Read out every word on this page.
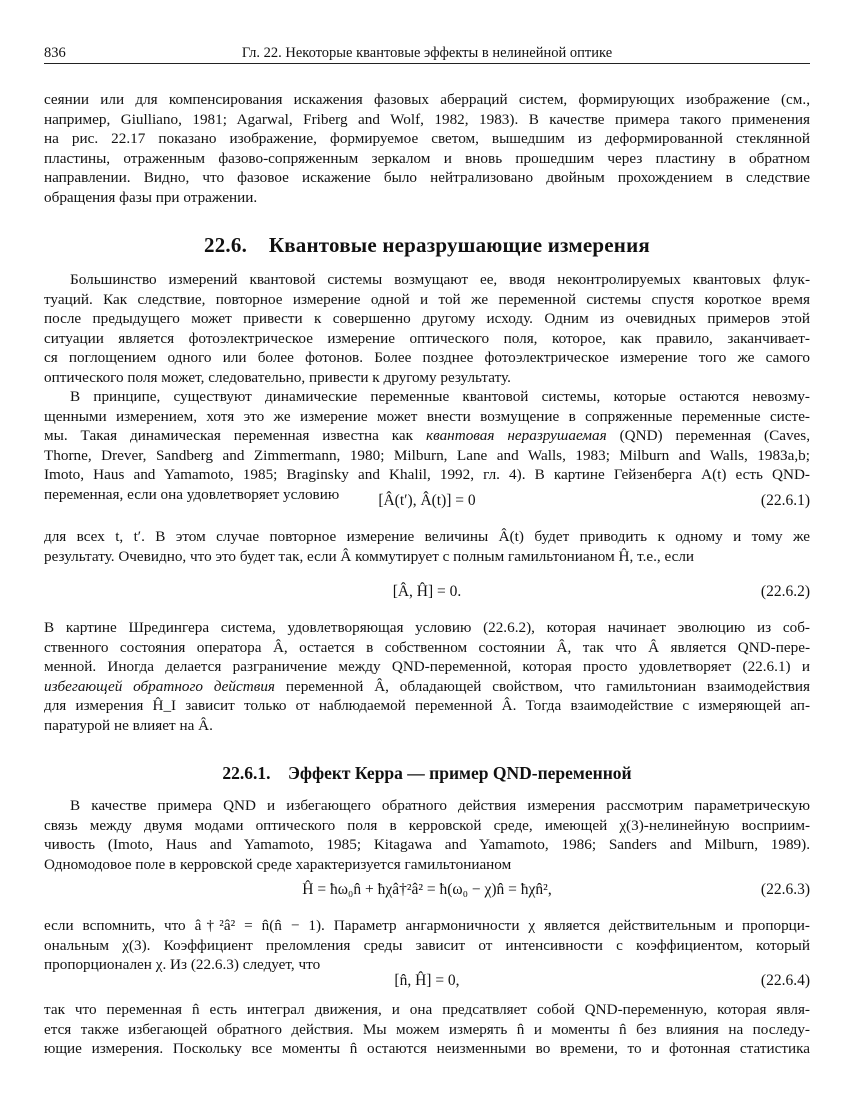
836	Гл. 22. Некоторые квантовые эффекты в нелинейной оптике
сеянии или для компенсирования искажения фазовых аберраций систем, формирующих изображение (см.,
например, Giulliano, 1981; Agarwal, Friberg and Wolf, 1982, 1983). В качестве примера такого применения
на рис. 22.17 показано изображение, формируемое светом, вышедшим из деформированной стеклянной
пластины, отраженным фазово-сопряженным зеркалом и вновь прошедшим через пластину в обратном
направлении. Видно, что фазовое искажение было нейтрализовано двойным прохождением в следствие
обращения фазы при отражении.
22.6. Квантовые неразрушающие измерения
Большинство измерений квантовой системы возмущают ее, вводя неконтролируемых квантовых флук-
туаций. Как следствие, повторное измерение одной и той же переменной системы спустя короткое время
после предыдущего может привести к совершенно другому исходу. Одним из очевидных примеров этой
ситуации является фотоэлектрическое измерение оптического поля, которое, как правило, заканчивает-
ся поглощением одного или более фотонов. Более позднее фотоэлектрическое измерение того же самого
оптического поля может, следовательно, привести к другому результату.
В принципе, существуют динамические переменные квантовой системы, которые остаются невозму-
щенными измерением, хотя это же измерение может внести возмущение в сопряженные переменные систе-
мы. Такая динамическая переменная известна как квантовая неразрушаемая (QND) переменная (Caves,
Thorne, Drever, Sandberg and Zimmermann, 1980; Milburn, Lane and Walls, 1983; Milburn and Walls, 1983a,b;
Imoto, Haus and Yamamoto, 1985; Braginsky and Khalil, 1992, гл. 4). В картине Гейзенберга A(t) есть QND-
переменная, если она удовлетворяет условию	[Â(t′), Â(t)] = 0	(22.6.1)
для всех t, t′. В этом случае повторное измерение величины Â(t) будет приводить к одному и тому же
результату. Очевидно, что это будет так, если Â коммутирует с полным гамильтонианом Ĥ, т.е., если
[Â, Ĥ] = 0.	(22.6.2)
В картине Шредингера система, удовлетворяющая условию (22.6.2), которая начинает эволюцию из соб-
ственного состояния оператора Â, остается в собственном состоянии Â, так что Â является QND-пере-
менной. Иногда делается разграничение между QND-переменной, которая просто удовлетворяет (22.6.1) и
избегающей обратного действия переменной Â, обладающей свойством, что гамильтониан взаимодействия
для измерения Ĥ_I зависит только от наблюдаемой переменной Â. Тогда взаимодействие с измеряющей ап-
паратурой не влияет на Â.
22.6.1. Эффект Керра — пример QND-переменной
В качестве примера QND и избегающего обратного действия измерения рассмотрим параметрическую
связь между двумя модами оптического поля в керровской среде, имеющей χ(3)-нелинейную восприим-
чивость (Imoto, Haus and Yamamoto, 1985; Kitagawa and Yamamoto, 1986; Sanders and Milburn, 1989).
Одномодовое поле в керровской среде характеризуется гамильтонианом
Ĥ = ħω₀n̂ + ħχâ†²â² = ħ(ω₀ − χ)n̂ = ħχn̂²,	(22.6.3)
если вспомнить, что â†²â² = n̂(n̂ − 1). Параметр ангармоничности χ является действительным и пропорци-
ональным χ(3). Коэффициент преломления среды зависит от интенсивности с коэффициентом, который
пропорционален χ. Из (22.6.3) следует, что
[n̂, Ĥ] = 0,	(22.6.4)
так что переменная n̂ есть интеграл движения, и она предсатвляет собой QND-переменную, которая явля-
ется также избегающей обратного действия. Мы можем измерять n̂ и моменты n̂ без влияния на последу-
ющие измерения. Поскольку все моменты n̂ остаются неизменными во времени, то и фотонная статистика
